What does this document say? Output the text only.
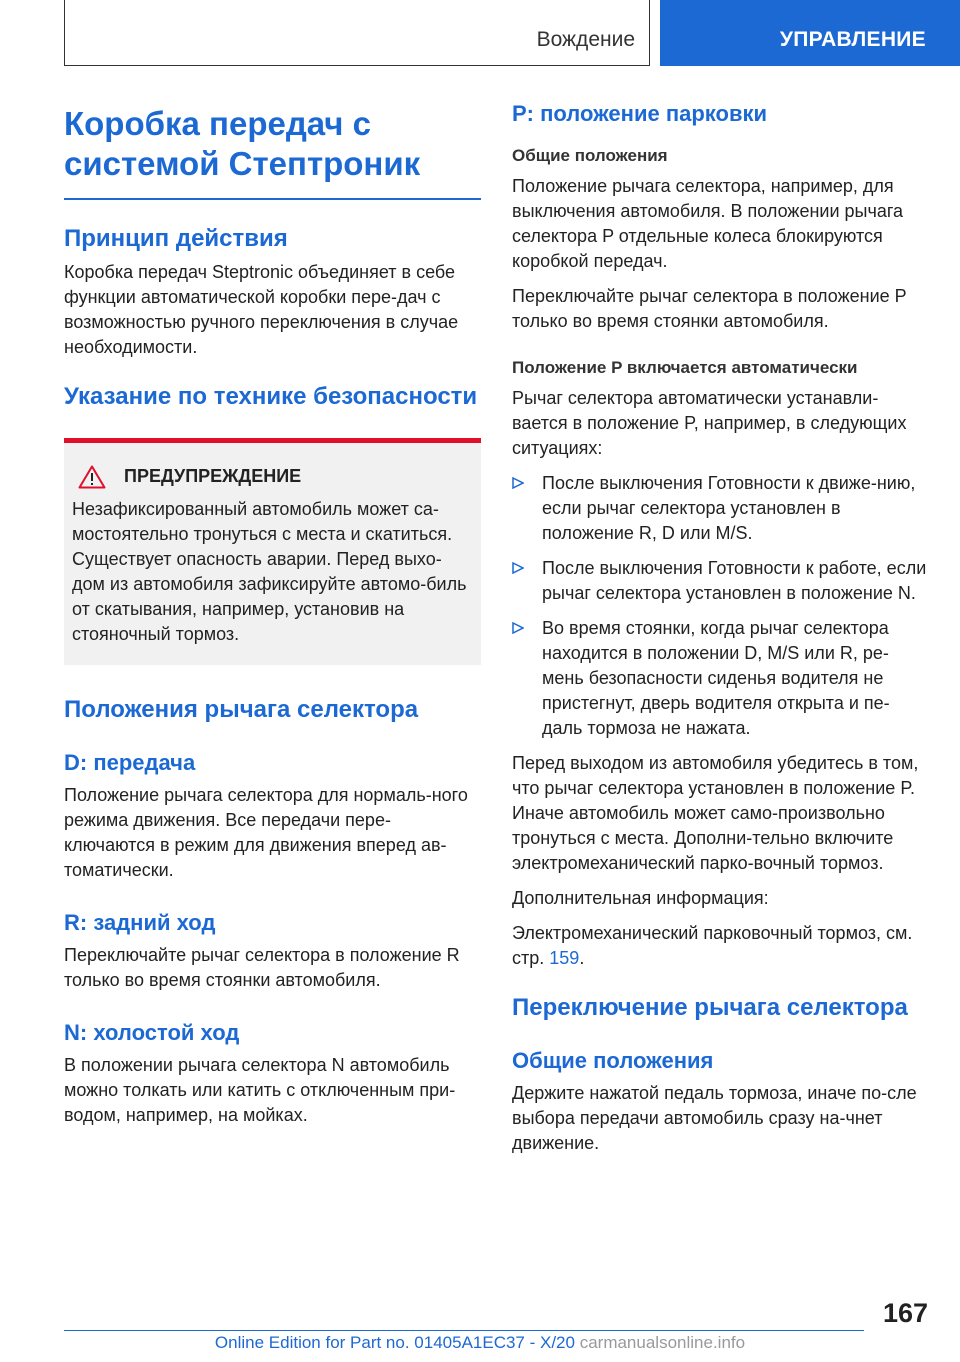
Вождение	УПРАВЛЕНИЕ
Коробка передач с системой Стептроник
Принцип действия

Коробка передач Steptronic объединяет в себе функции автоматической коробки пере-дач с возможностью ручного переключения в случае необходимости.

Указание по технике безопасности
ПРЕДУПРЕЖДЕНИЕ

Незафиксированный автомобиль может са-мостоятельно тронуться с места и скатиться. Существует опасность аварии. Перед выхо-дом из автомобиля зафиксируйте автомо-биль от скатывания, например, установив на стояночный тормоз.

Положения рычага селектора
D: передача

Положение рычага селектора для нормаль-ного режима движения. Все передачи пере-ключаются в режим для движения вперед ав-томатически.

R: задний ход

Переключайте рычаг селектора в положение R только во время стоянки автомобиля.

N: холостой ход

В положении рычага селектора N автомобиль можно толкать или катить с отключенным при-водом, например, на мойках.

P: положение парковки
Общие положения

Положение рычага селектора, например, для выключения автомобиля. В положении рычага селектора P отдельные колеса блокируются коробкой передач.

Переключайте рычаг селектора в положение P только во время стоянки автомобиля.

Положение P включается автоматически

Рычаг селектора автоматически устанавли-вается в положение P, например, в следующих ситуациях:

После выключения Готовности к движе-нию, если рычаг селектора установлен в положение R, D или M/S.
После выключения Готовности к работе, если рычаг селектора установлен в положение N.
Во время стоянки, когда рычаг селектора находится в положении D, M/S или R, ре-мень безопасности сиденья водителя не пристегнут, дверь водителя открыта и пе-даль тормоза не нажата.

Перед выходом из автомобиля убедитесь в том, что рычаг селектора установлен в положение P. Иначе автомобиль может само-произвольно тронуться с места. Дополни-тельно включите электромеханический парко-вочный тормоз.

Дополнительная информация:

Электромеханический парковочный тормоз, см. стр. 159.

Переключение рычага селектора
Общие положения

Держите нажатой педаль тормоза, иначе по-сле выбора передачи автомобиль сразу на-чнет движение.

167
Online Edition for Part no. 01405A1EC37 - X/20 carmanualsonline.info
